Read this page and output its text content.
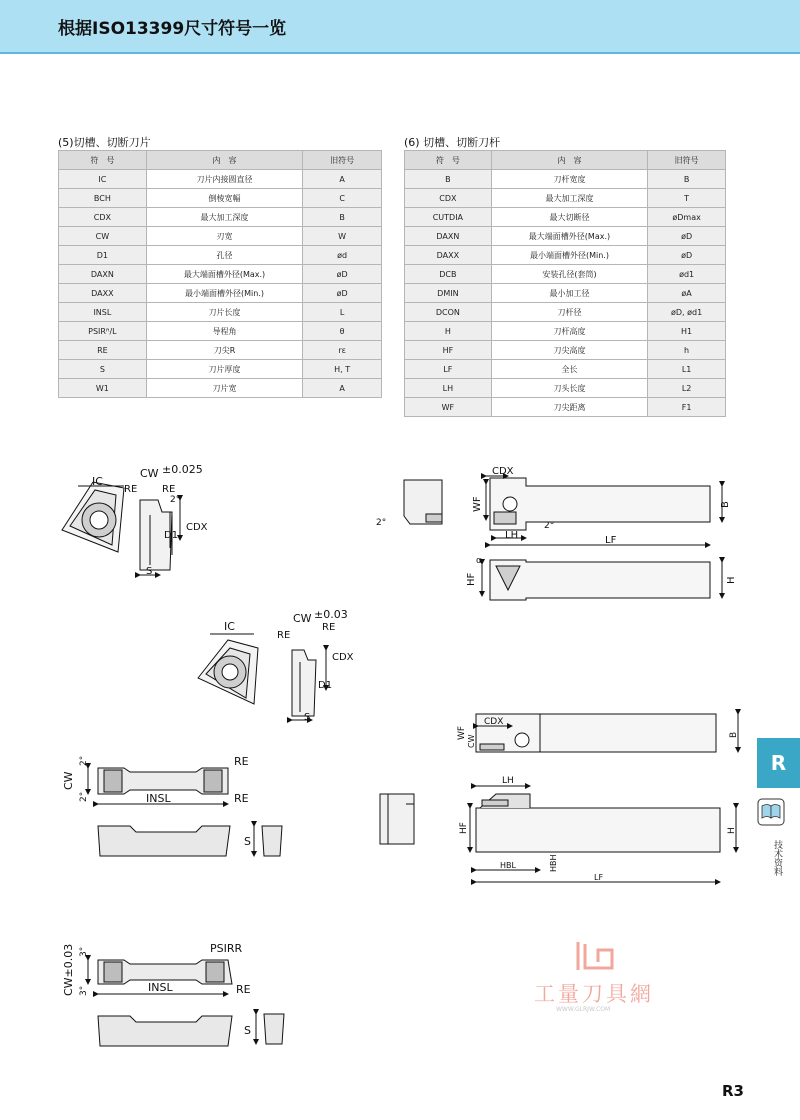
根据ISO13399尺寸符号一览
(5)切槽、切断刀片
符　号	内　容	旧符号
IC	刀片内接圆直径	A
BCH	倒棱宽幅	C
CDX	最大加工深度	B
CW	刃宽	W
D1	孔径	ød
DAXN	最大端面槽外径(Max.)	øD
DAXX	最小端面槽外径(Min.)	øD
INSL	刀片长度	L
PSIRᴿ/L	导程角	θ
RE	刀尖R	rε
S	刀片厚度	H, T
W1	刀片宽	A
(6) 切槽、切断刀杆
符　号	内　容	旧符号
B	刀杆宽度	B
CDX	最大加工深度	T
CUTDIA	最大切断径	øDmax
DAXN	最大端面槽外径(Max.)	øD
DAXX	最小端面槽外径(Min.)	øD
DCB	安装孔径(套筒)	ød1
DMIN	最小加工径	øA
DCON	刀杆径	øD, ød1
H	刀杆高度	H1
HF	刀尖高度	h
LF	全长	L1
LH	刀头长度	L2
WF	刀尖距离	F1
IC
CW ±0.025
RE RE
2°
CDX
D1
S
IC
CW ±0.03
RE
RE
CDX
D1
S
CW
2°
2°	INSL
RE
RE
S
CW±0.03 3°
3°	INSL
PSIRR
RE
S
CDX
WF	B
LH	LF
2°	2°
α
HF	H
CDX
WF
CW	B
LH
HF	H
HBL	HBH
LF
工量刀具網
WWW.GLRJW.COM
R
技术资料
R3
